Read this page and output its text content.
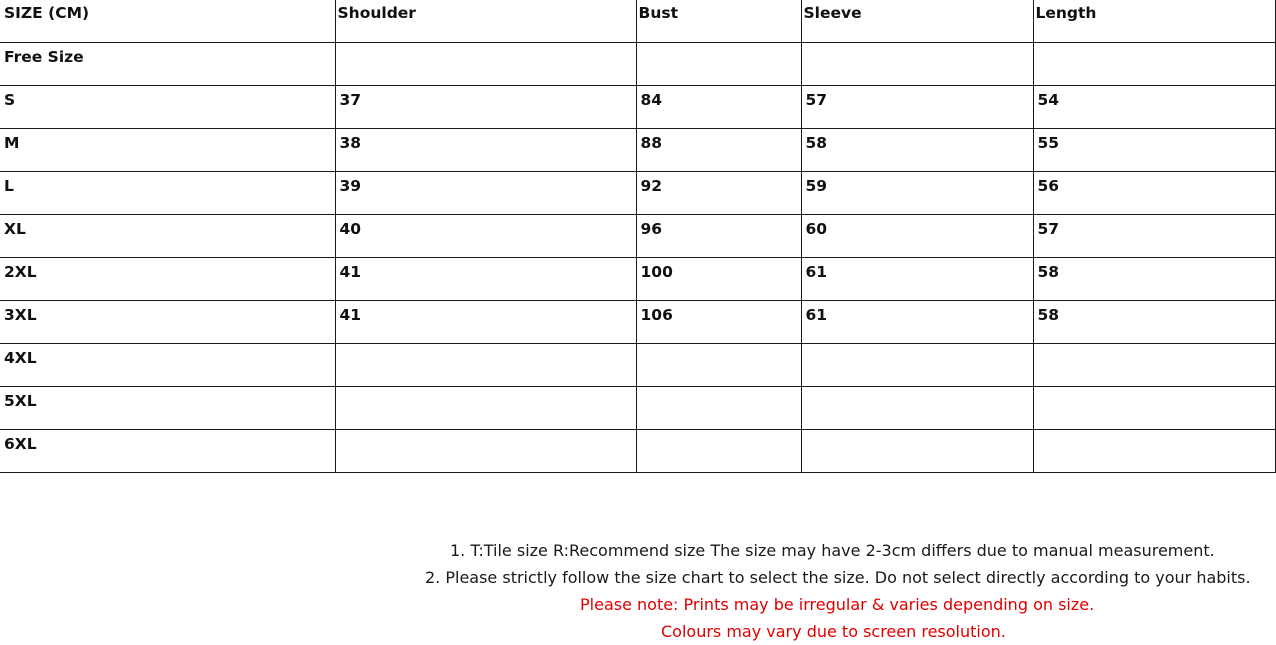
SIZE (CM)	Shoulder	Bust	Sleeve	Length

Free Size				

S	37	84	57	54

M	38	88	58	55

L	39	92	59	56

XL	40	96	60	57

2XL	41	100	61	58

3XL	41	106	61	58

4XL				

5XL				

6XL				

1. T:Tile size R:Recommend size The size may have 2-3cm differs due to manual measurement.
2. Please strictly follow the size chart to select the size. Do not select directly according to your habits.
Please note: Prints may be irregular & varies depending on size.
Colours may vary due to screen resolution.
